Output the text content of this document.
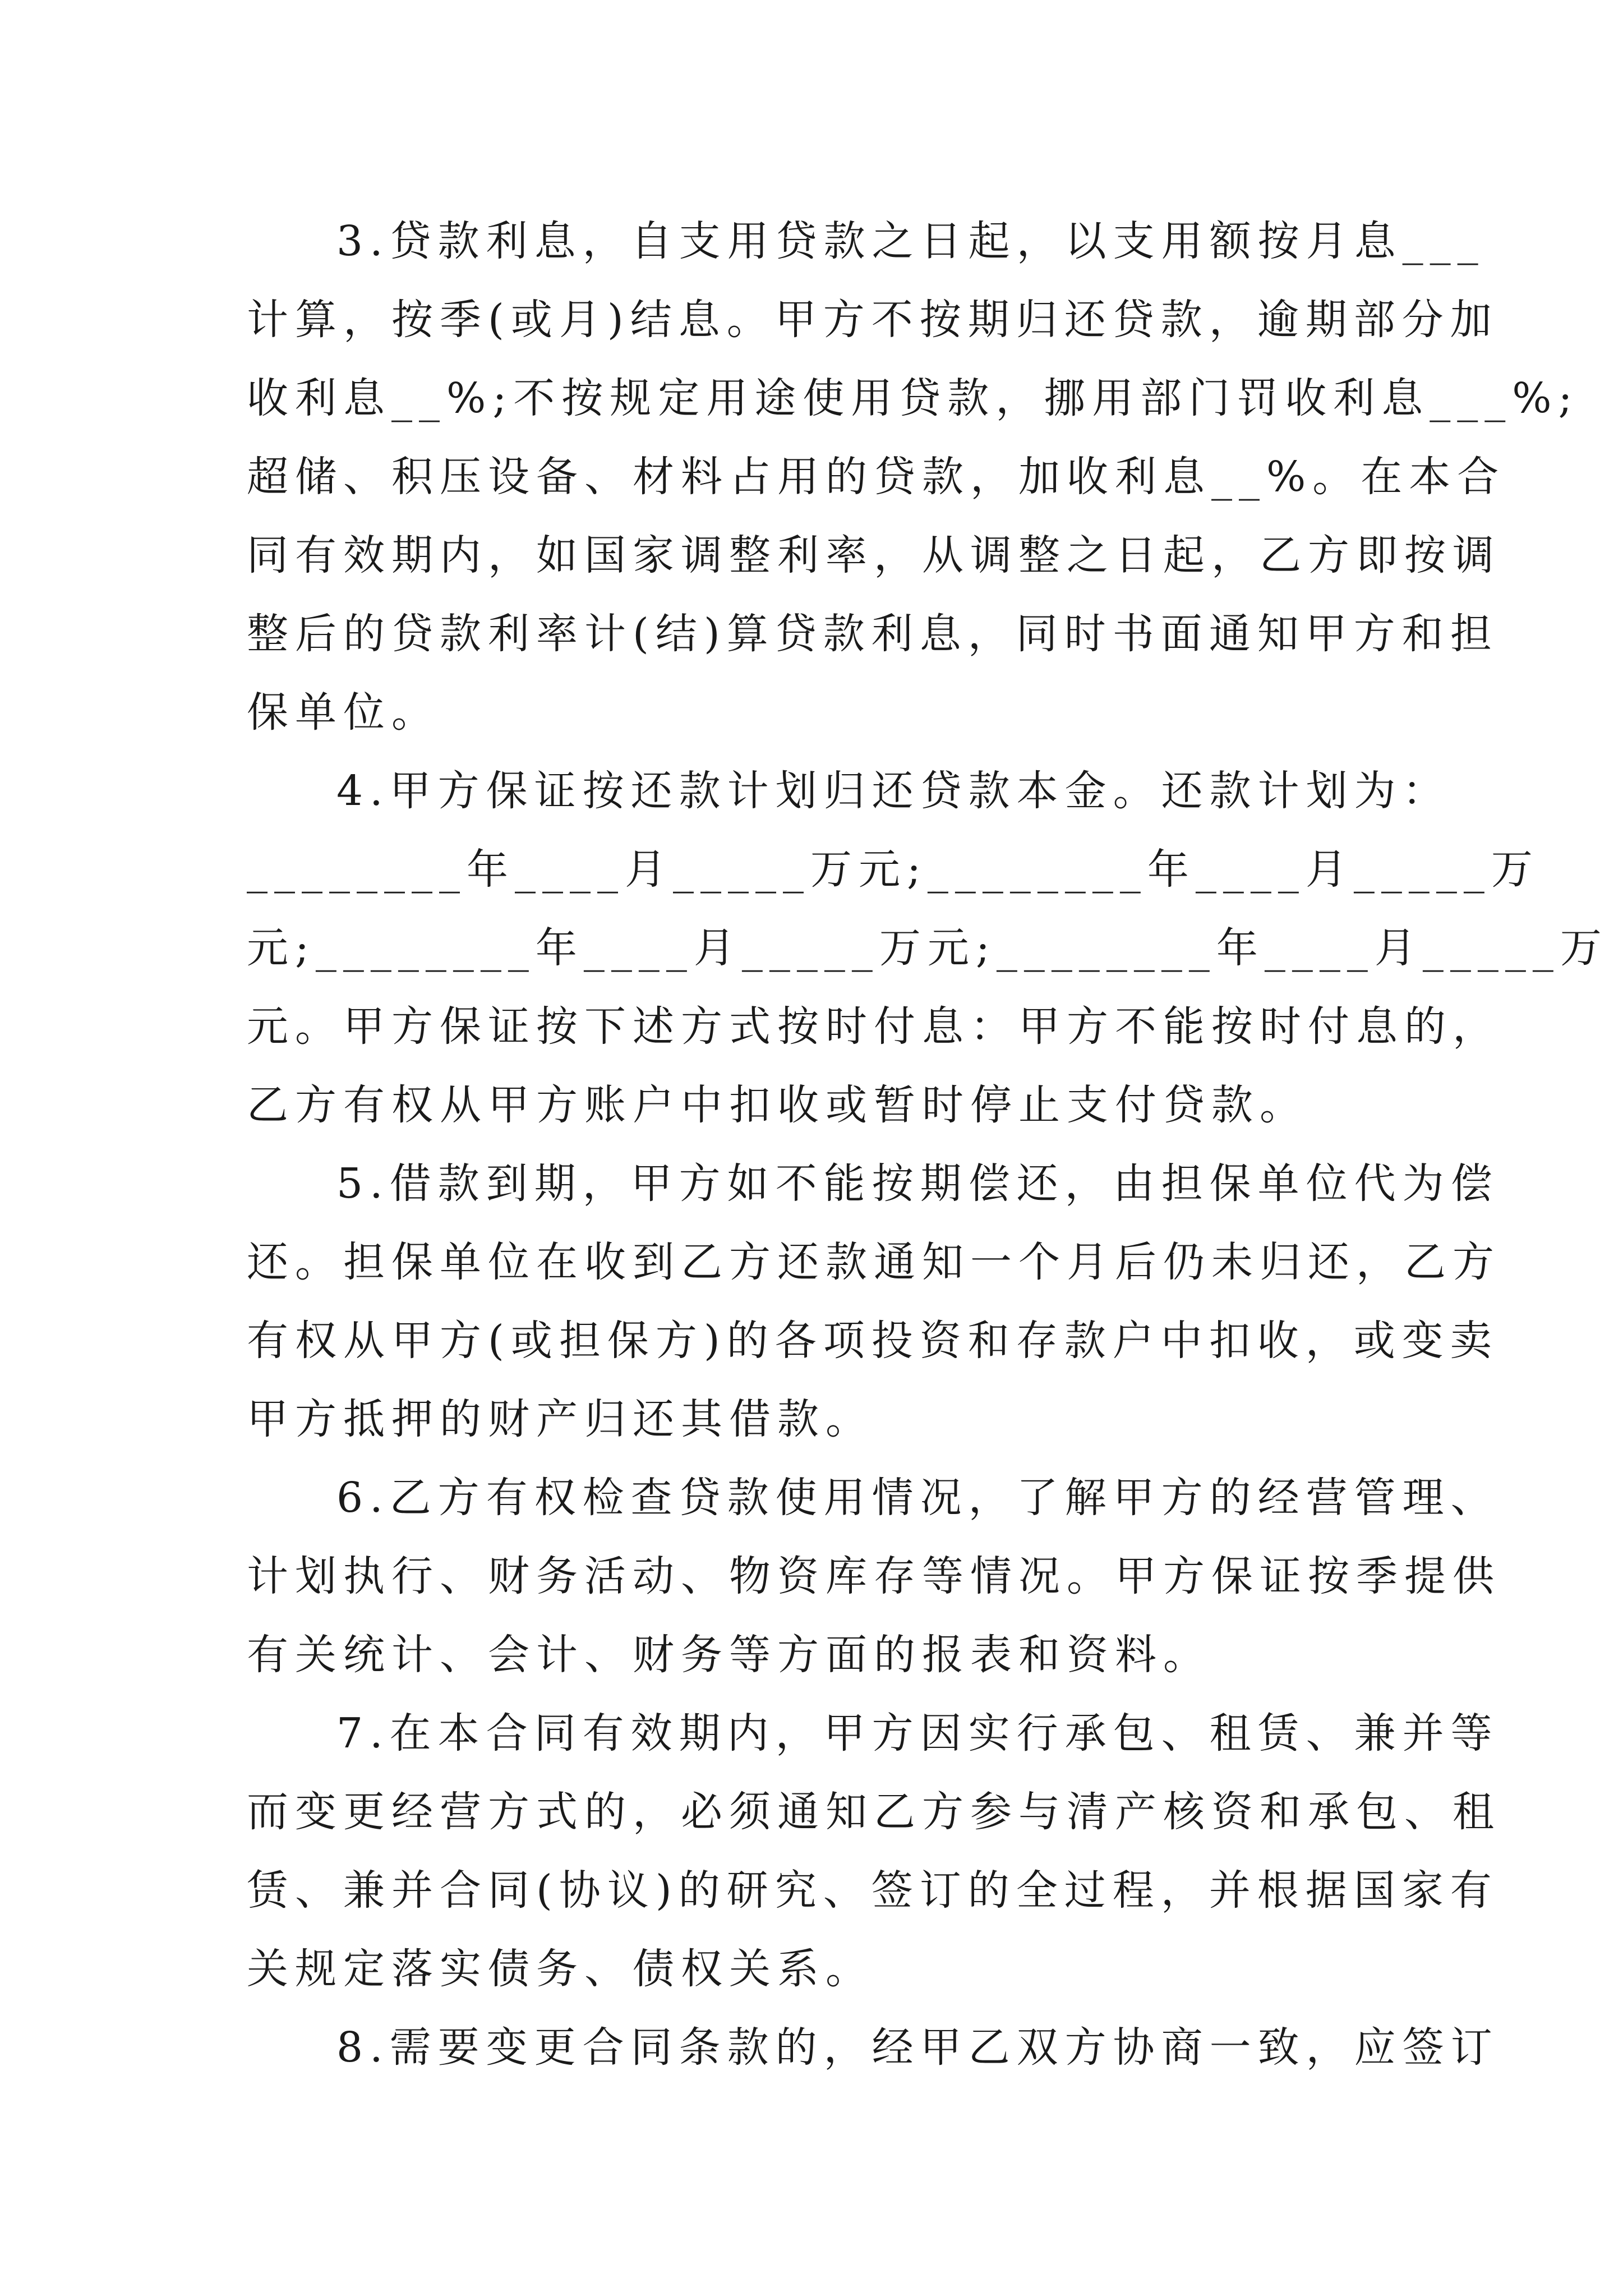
3.贷款利息，自支用贷款之日起，以支用额按月息___
计算，按季(或月)结息。甲方不按期归还贷款，逾期部分加
收利息__%;不按规定用途使用贷款，挪用部门罚收利息___%;
超储、积压设备、材料占用的贷款，加收利息__%。在本合
同有效期内，如国家调整利率，从调整之日起，乙方即按调
整后的贷款利率计(结)算贷款利息，同时书面通知甲方和担
保单位。
4.甲方保证按还款计划归还贷款本金。还款计划为：
________年____月_____万元;________年____月_____万
元;________年____月_____万元;________年____月_____万
元。甲方保证按下述方式按时付息：甲方不能按时付息的，
乙方有权从甲方账户中扣收或暂时停止支付贷款。
5.借款到期，甲方如不能按期偿还，由担保单位代为偿
还。担保单位在收到乙方还款通知一个月后仍未归还，乙方
有权从甲方(或担保方)的各项投资和存款户中扣收，或变卖
甲方抵押的财产归还其借款。
6.乙方有权检查贷款使用情况，了解甲方的经营管理、
计划执行、财务活动、物资库存等情况。甲方保证按季提供
有关统计、会计、财务等方面的报表和资料。
7.在本合同有效期内，甲方因实行承包、租赁、兼并等
而变更经营方式的，必须通知乙方参与清产核资和承包、租
赁、兼并合同(协议)的研究、签订的全过程，并根据国家有
关规定落实债务、债权关系。
8.需要变更合同条款的，经甲乙双方协商一致，应签订
